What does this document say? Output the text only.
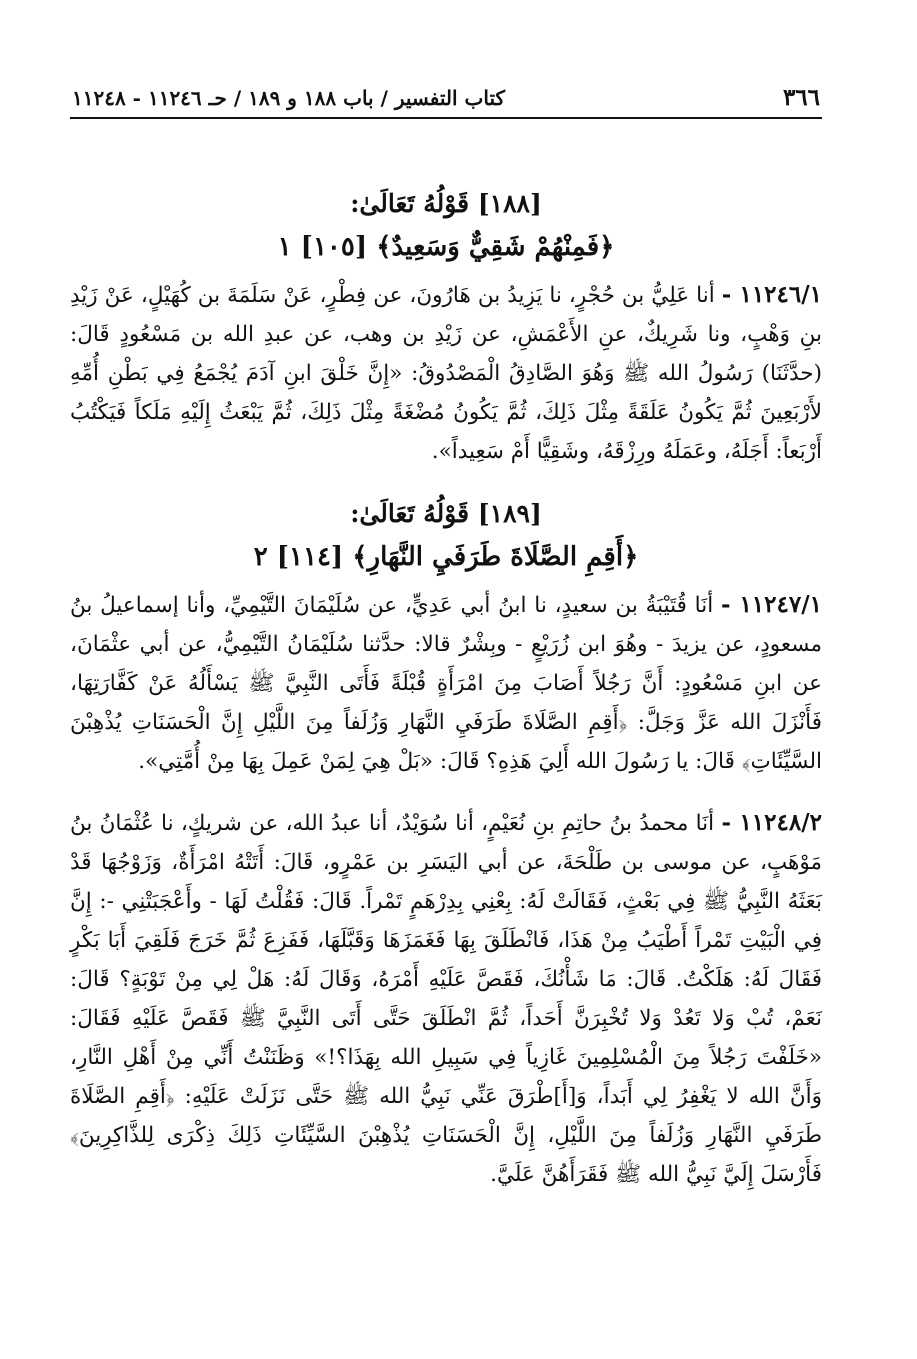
٣٦٦
كتاب التفسير / باب ١٨٨ و ١٨٩ / حـ ١١٢٤٦ - ١١٢٤٨
[١٨٨] قَوْلُهُ تَعَالَىٰ:
﴿فَمِنْهُمْ شَقِيٌّ وَسَعِيدٌ﴾ [١٠٥] ١

١١٢٤٦/١ - أنا عَلِيُّ بن حُجْرٍ، نا يَزِيدُ بن هَارُونَ، عن فِطْرٍ، عَنْ سَلَمَةَ بن كُهَيْلٍ، عَنْ زَيْدِ بنِ وَهْبٍ، ونا شَرِيكٌ، عنِ الأَعْمَشِ، عن زَيْدِ بن وهب، عن عبدِ الله بن مَسْعُودٍ قَالَ: (حدَّثَنَا) رَسُولُ الله ﷺ وَهُوَ الصَّادِقُ الْمَصْدُوقُ: «إِنَّ خَلْقَ ابنِ آدَمَ يُجْمَعُ فِي بَطْنِ أُمِّهِ لأَرْبَعِينَ ثُمَّ يَكُونُ عَلَقَةً مِثْلَ ذَلِكَ، ثُمَّ يَكُونُ مُضْغَةً مِثْلَ ذَلِكَ، ثُمَّ يَبْعَثُ إِلَيْهِ مَلَكاً فَيَكْتُبُ أَرْبَعاً: أَجَلَهُ، وعَمَلَهُ ورِزْقَهُ، وشَقِيًّا أَمْ سَعِيداً».

[١٨٩] قَوْلُهُ تَعَالَىٰ:
﴿أَقِمِ الصَّلَاةَ طَرَفَيِ النَّهَارِ﴾ [١١٤] ٢

١١٢٤٧/١ - أنَا قُتَيْبَةُ بن سعيدٍ، نا ابنُ أبي عَدِيٍّ، عن سُلَيْمَانَ التَّيْمِيِّ، وأنا إسماعيلُ بنُ مسعودٍ، عن يزيدَ - وهُوَ ابن زُرَيْعٍ - وبِشْرٌ قالا: حدَّثنا سُلَيْمَانُ التَّيْمِيُّ، عن أبي عثْمَانَ، عن ابنِ مَسْعُودٍ: أَنَّ رَجُلاً أَصَابَ مِنَ امْرَأَةٍ قُبْلَةً فَأَتَى النَّبِيَّ ﷺ يَسْأَلُهُ عَنْ كَفَّارَتِهَا، فَأَنْزَلَ الله عَزَّ وَجَلَّ: ﴿أَقِمِ الصَّلَاةَ طَرَفَيِ النَّهَارِ وَزُلَفاً مِنَ اللَّيْلِ إِنَّ الْحَسَنَاتِ يُذْهِبْنَ السَّيِّئَاتِ﴾ قَالَ: يا رَسُولَ الله أَلِيَ هَذِهِ؟ قَالَ: «بَلْ هِيَ لِمَنْ عَمِلَ بِهَا مِنْ أُمَّتِي».

١١٢٤٨/٢ - أنَا محمدُ بنُ حاتِمِ بنِ نُعَيْمٍ، أنا سُوَيْدٌ، أنا عبدُ الله، عن شريكٍ، نا عُثْمَانُ بنُ مَوْهَبٍ، عن موسى بن طَلْحَةَ، عن أبي اليَسَرِ بن عَمْرٍو، قَالَ: أَتَتْهُ امْرَأَةٌ، وَزَوْجُهَا قَدْ بَعَثَهُ النَّبِيُّ ﷺ فِي بَعْثٍ، فَقَالَتْ لَهُ: بِعْنِي بِدِرْهَمٍ تَمْراً. قَالَ: فَقُلْتُ لَهَا - وأَعْجَبَتْنِي -: إِنَّ فِي الْبَيْتِ تَمْراً أَطْيَبُ مِنْ هَذَا، فَانْطَلَقَ بِهَا فَغَمَزَهَا وَقَبَّلَهَا، فَفَزِعَ ثُمَّ خَرَجَ فَلَقِيَ أَبَا بَكْرٍ فَقَالَ لَهُ: هَلَكْتُ. قَالَ: مَا شَأْنُكَ، فَقَصَّ عَلَيْهِ أَمْرَهُ، وَقَالَ لَهُ: هَلْ لِي مِنْ تَوْبَةٍ؟ قَالَ: نَعَمْ، تُبْ وَلا تَعُدْ وَلا تُخْبِرَنَّ أَحَداً، ثُمَّ انْطَلَقَ حَتَّى أَتَى النَّبِيَّ ﷺ فَقَصَّ عَلَيْهِ فَقَالَ: «خَلَفْتَ رَجُلاً مِنَ الْمُسْلِمِينَ غَازِياً فِي سَبِيلِ الله بِهَذَا؟!» وَظَنَنْتُ أَنِّي مِنْ أَهْلِ النَّارِ، وَأَنَّ الله لا يَغْفِرُ لِي أَبَداً، وَ[أَ]طْرَقَ عَنِّي نَبِيُّ الله ﷺ حَتَّى نَزَلَتْ عَلَيْهِ: ﴿أَقِمِ الصَّلَاةَ طَرَفَيِ النَّهَارِ وَزُلَفاً مِنَ اللَّيْلِ، إِنَّ الْحَسَنَاتِ يُذْهِبْنَ السَّيِّئَاتِ ذَلِكَ ذِكْرَى لِلذَّاكِرِينَ﴾ فَأَرْسَلَ إِلَيَّ نَبِيُّ الله ﷺ فَقَرَأَهُنَّ عَلَيَّ.
